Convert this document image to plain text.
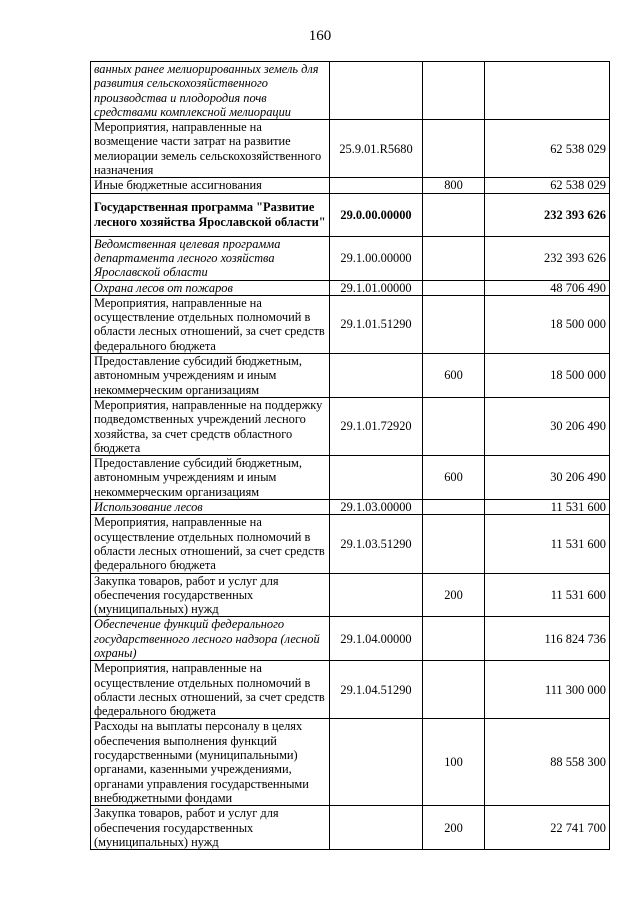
160
ванных ранее мелиорированных земель для развития сельскохозяйственного производства и плодородия почв средствами комплексной мелиорации			
Мероприятия, направленные на возмещение части затрат на развитие мелиорации земель сельскохозяйственного назначения	25.9.01.R5680		62 538 029
Иные бюджетные ассигнования		800	62 538 029
Государственная программа "Развитие лесного хозяйства Ярославской области"	29.0.00.00000		232 393 626
Ведомственная целевая программа департамента лесного хозяйства Ярославской области	29.1.00.00000		232 393 626
Охрана лесов от пожаров	29.1.01.00000		48 706 490
Мероприятия, направленные на осуществление отдельных полномочий в области лесных отношений, за счет средств федерального бюджета	29.1.01.51290		18 500 000
Предоставление субсидий бюджетным, автономным учреждениям и иным некоммерческим организациям		600	18 500 000
Мероприятия, направленные на поддержку подведомственных учреждений лесного хозяйства, за счет средств областного бюджета	29.1.01.72920		30 206 490
Предоставление субсидий бюджетным, автономным учреждениям и иным некоммерческим организациям		600	30 206 490
Использование лесов	29.1.03.00000		11 531 600
Мероприятия, направленные на осуществление отдельных полномочий в области лесных отношений, за счет средств федерального бюджета	29.1.03.51290		11 531 600
Закупка товаров, работ и услуг для обеспечения государственных (муниципальных) нужд		200	11 531 600
Обеспечение функций федерального государственного лесного надзора (лесной охраны)	29.1.04.00000		116 824 736
Мероприятия, направленные на осуществление отдельных полномочий в области лесных отношений, за счет средств федерального бюджета	29.1.04.51290		111 300 000
Расходы на выплаты персоналу в целях обеспечения выполнения функций государственными (муниципальными) органами, казенными учреждениями, органами управления государственными внебюджетными фондами		100	88 558 300
Закупка товаров, работ и услуг для обеспечения государственных (муниципальных) нужд		200	22 741 700
